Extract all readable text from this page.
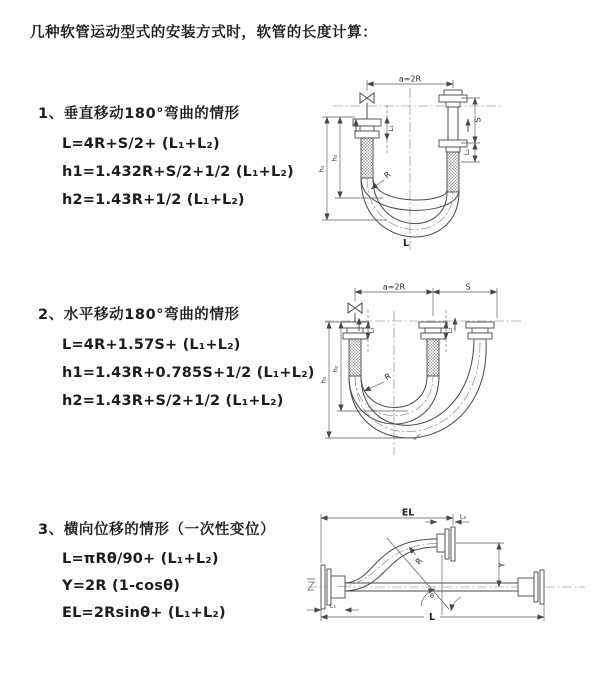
几种软管运动型式的安装方式时，软管的长度计算：
1、垂直移动180°弯曲的情形
L=4R+S/2+ (L₁+L₂)
h1=1.432R+S/2+1/2 (L₁+L₂)
h2=1.43R+1/2 (L₁+L₂)
2、水平移动180°弯曲的情形
L=4R+1.57S+ (L₁+L₂)
h1=1.43R+0.785S+1/2 (L₁+L₂)
h2=1.43R+S/2+1/2 (L₁+L₂)
3、横向位移的情形（一次性变位）
L=πRθ/90+ (L₁+L₂)
Y=2R (1-cosθ)
EL=2Rsinθ+ (L₁+L₂)
a=2R
S
L₂
h₁
h₂
L₁
R
L
a=2R	S
h₁
h₂
L₁	L₂
R
θ
R
EL	L₂
Y
L₁
L
